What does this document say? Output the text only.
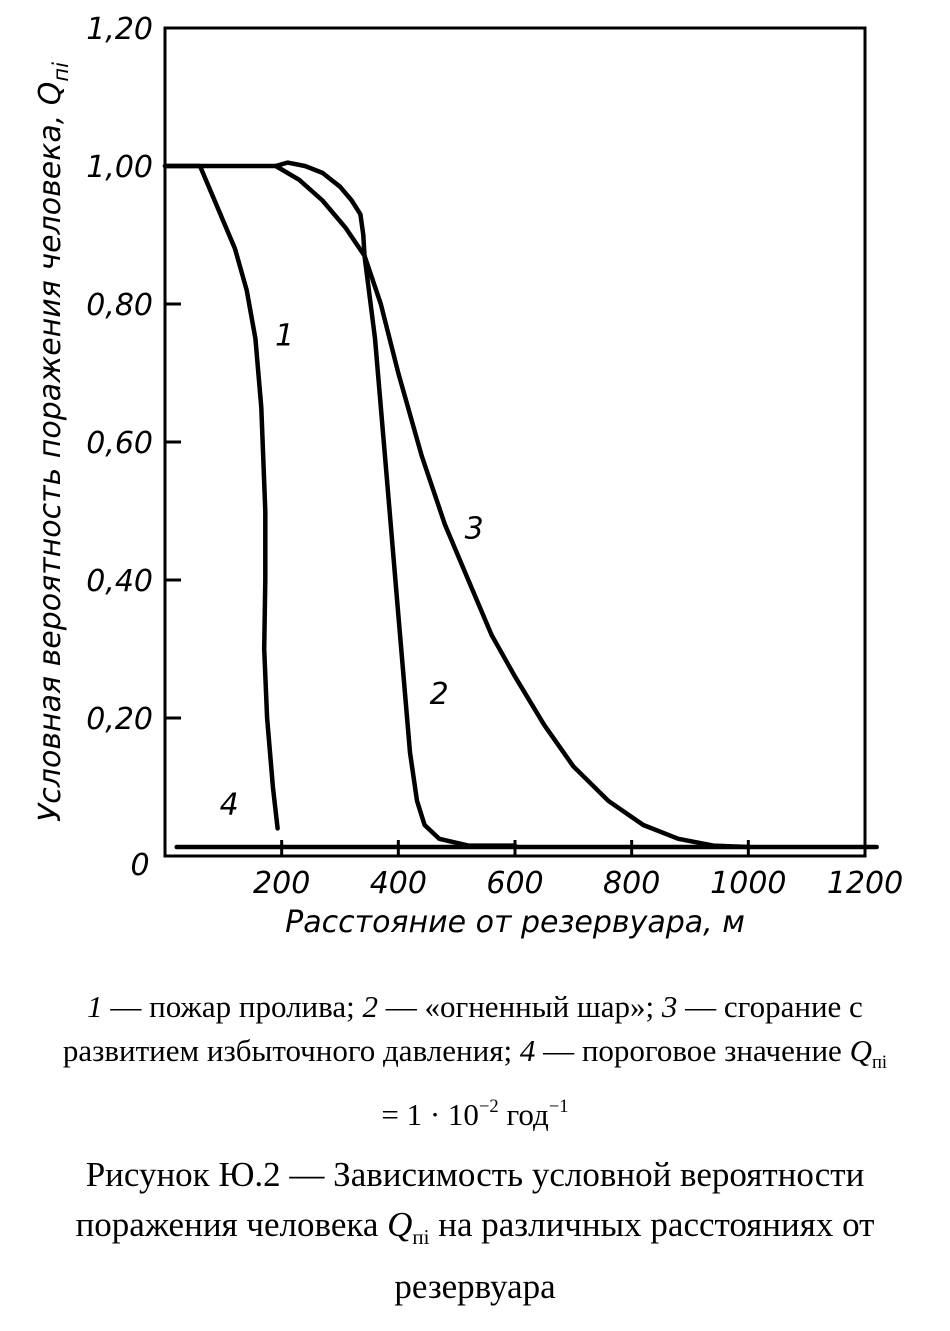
0,20
0,40
0,60
0,80
1,00
1,20
200 400 600 800 1000 1200
0
Условная вероятность поражения человека, $Q_{пi}$
Расстояние от резервуара, м
1
2
3
4
1 — пожар пролива; 2 — «огненный шар»; 3 — сгорание с развитием избыточного давления; 4 — пороговое значение $Q_{пi} = 1 \cdot 10^{-2}$ год$^{-1}$
Рисунок Ю.2 — Зависимость условной вероятности поражения человека $Q_{пi}$ на различных расстояниях от резервуара
